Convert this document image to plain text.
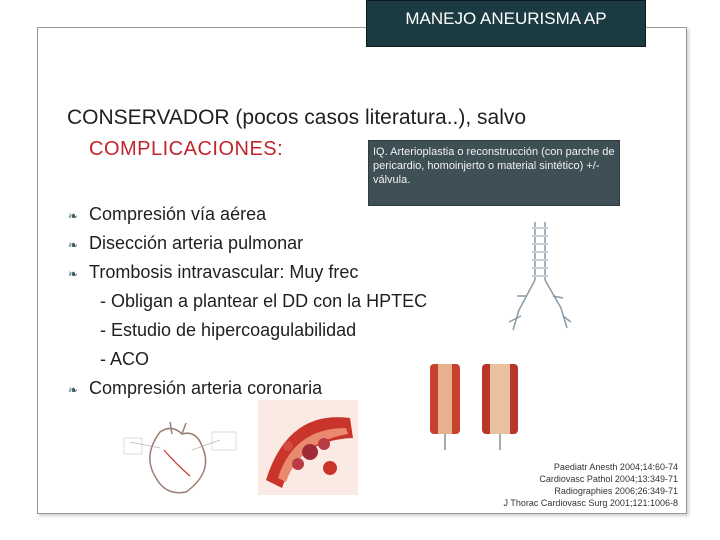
MANEJO ANEURISMA AP
CONSERVADOR (pocos casos literatura..), salvo
COMPLICACIONES:	IQ. Arterioplastia o reconstrucción (con parche de pericardio, homoinjerto o material sintético) +/- válvula.
❧ Compresión vía aérea
❧ Disección arteria pulmonar
❧ Trombosis intravascular: Muy frec
- Obligan a plantear el DD con la HPTEC
- Estudio de hipercoagulabilidad
- ACO
❧ Compresión arteria coronaria
Paediatr Anesth 2004;14:60-74
Cardiovasc Pathol 2004;13:349-71
Radiographies 2006;26:349-71
J Thorac Cardiovasc Surg 2001;121:1006-8
